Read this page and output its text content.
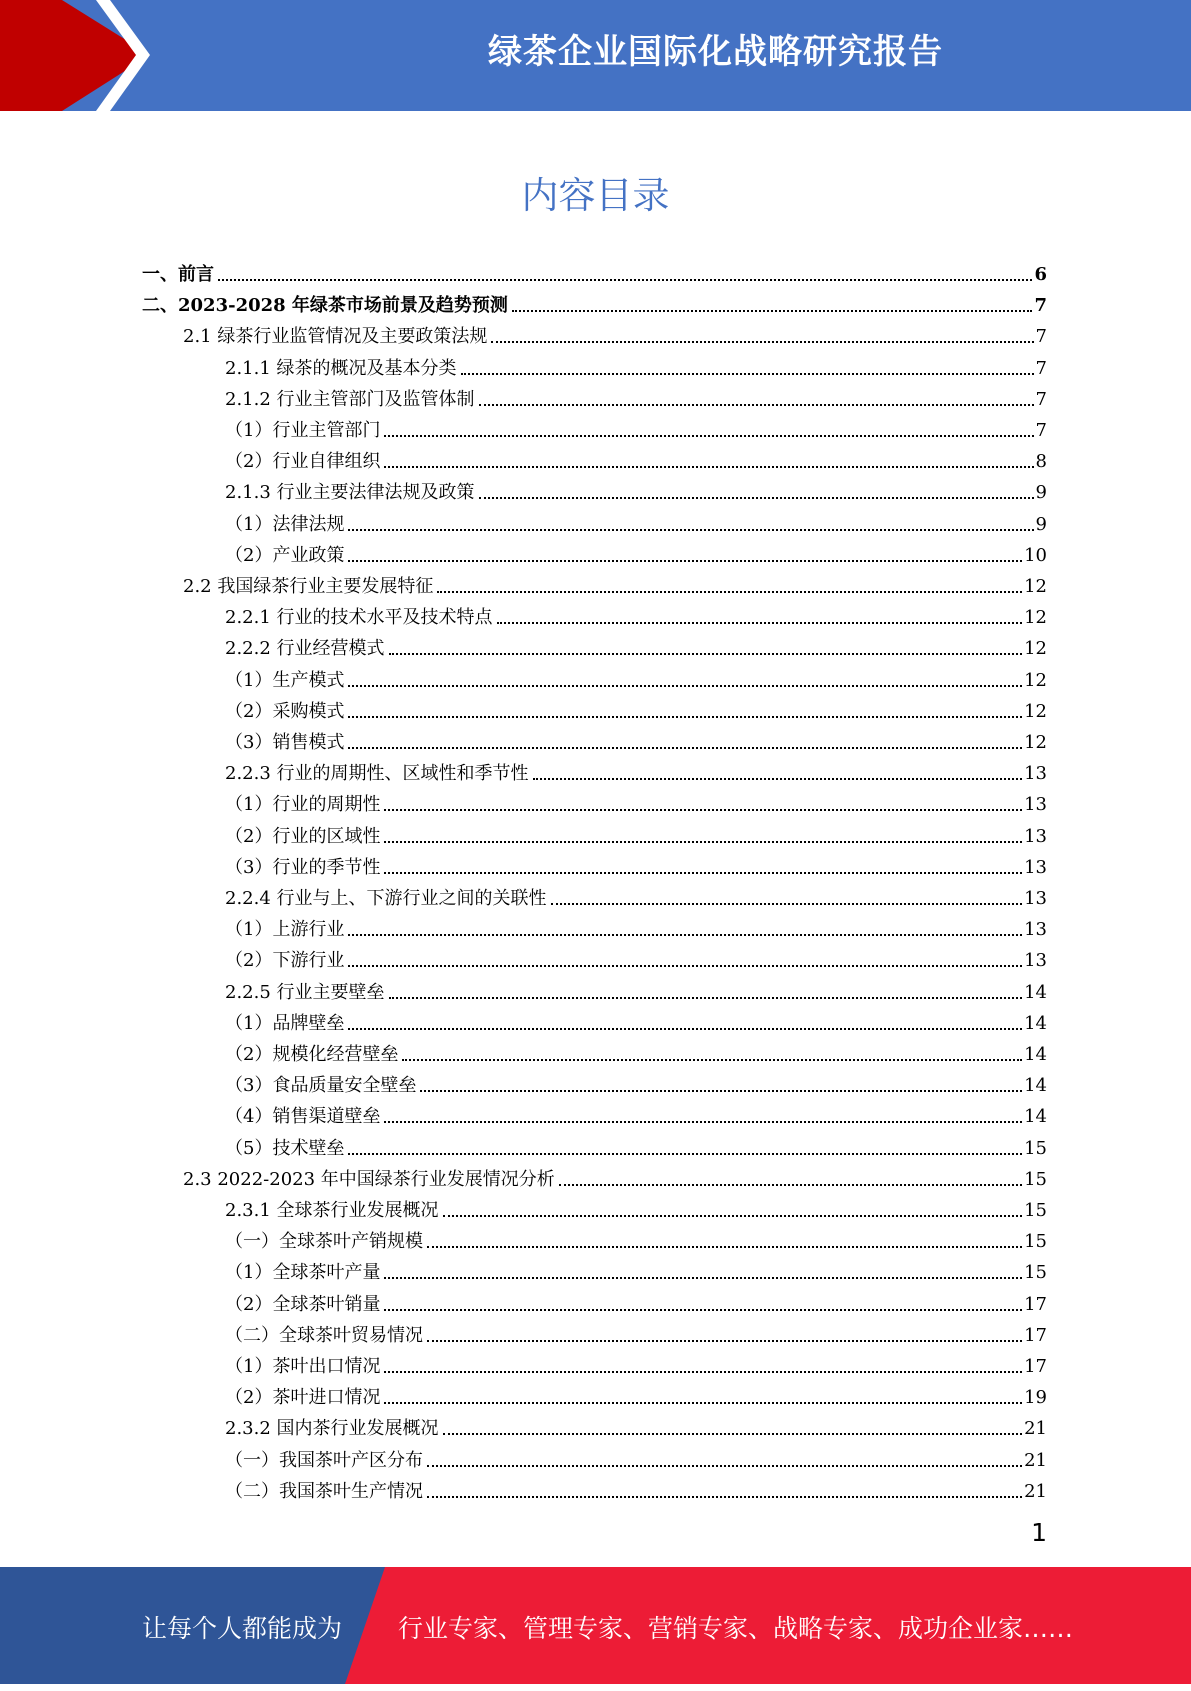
绿茶企业国际化战略研究报告
内容目录
一、前言	6
二、2023-2028 年绿茶市场前景及趋势预测	7
2.1 绿茶行业监管情况及主要政策法规	7
2.1.1 绿茶的概况及基本分类	7
2.1.2 行业主管部门及监管体制	7
（1）行业主管部门	7
（2）行业自律组织	8
2.1.3 行业主要法律法规及政策	9
（1）法律法规	9
（2）产业政策	10
2.2 我国绿茶行业主要发展特征	12
2.2.1 行业的技术水平及技术特点	12
2.2.2 行业经营模式	12
（1）生产模式	12
（2）采购模式	12
（3）销售模式	12
2.2.3 行业的周期性、区域性和季节性	13
（1）行业的周期性	13
（2）行业的区域性	13
（3）行业的季节性	13
2.2.4 行业与上、下游行业之间的关联性	13
（1）上游行业	13
（2）下游行业	13
2.2.5 行业主要壁垒	14
（1）品牌壁垒	14
（2）规模化经营壁垒	14
（3）食品质量安全壁垒	14
（4）销售渠道壁垒	14
（5）技术壁垒	15
2.3 2022-2023 年中国绿茶行业发展情况分析	15
2.3.1 全球茶行业发展概况	15
（一）全球茶叶产销规模	15
（1）全球茶叶产量	15
（2）全球茶叶销量	17
（二）全球茶叶贸易情况	17
（1）茶叶出口情况	17
（2）茶叶进口情况	19
2.3.2 国内茶行业发展概况	21
（一）我国茶叶产区分布	21
（二）我国茶叶生产情况	21
1
让每个人都能成为 行业专家、管理专家、营销专家、战略专家、成功企业家……
